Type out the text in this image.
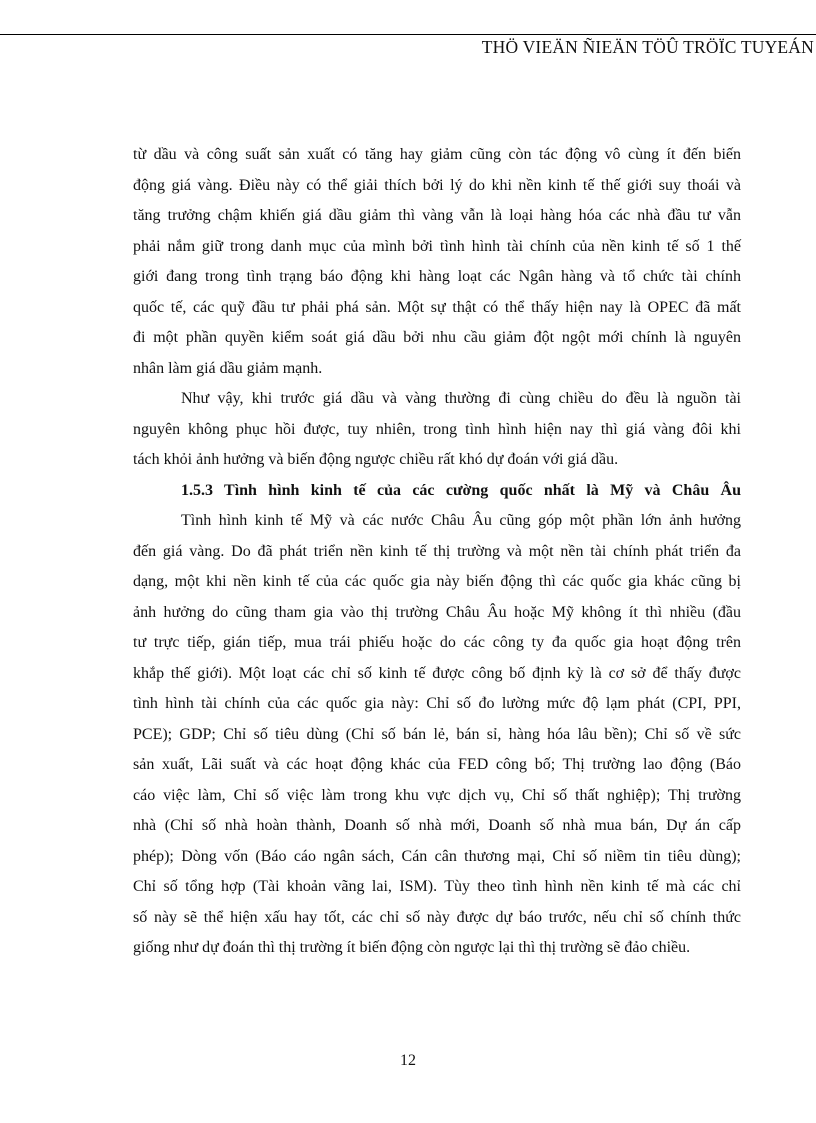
THÖ VIEÄN ÑIEÄN TÖÛ TRÖÏC TUYEÁN

từ dầu và công suất sản xuất có tăng hay giảm cũng còn tác động vô cùng ít đến biến

động giá vàng. Điều này có thể giải thích bởi lý do khi nền kinh tế thế giới suy thoái và

tăng trưởng chậm khiến giá dầu giảm thì vàng vẫn là loại hàng hóa các nhà đầu tư vẫn

phải nắm giữ trong danh mục của mình bởi tình hình tài chính của nền kinh tế số 1 thế

giới đang trong tình trạng báo động khi hàng loạt các Ngân hàng và tổ chức tài chính

quốc tế, các quỹ đầu tư phải phá sản. Một sự thật có thể thấy hiện nay là OPEC đã mất

đi một phần quyền kiểm soát giá dầu bởi nhu cầu giảm đột ngột mới chính là nguyên

nhân làm giá dầu giảm mạnh.

Như vậy, khi trước giá dầu và vàng thường đi cùng chiều do đều là nguồn tài

nguyên không phục hồi được, tuy nhiên, trong tình hình hiện nay thì giá vàng đôi khi

tách khỏi ảnh hưởng và biến động ngược chiều rất khó dự đoán với giá dầu.

1.5.3 Tình hình kinh tế của các cường quốc nhất là Mỹ và Châu Âu

Tình hình kinh tế Mỹ và các nước Châu Âu cũng góp một phần lớn ảnh hưởng

đến giá vàng. Do đã phát triển nền kinh tế thị trường và một nền tài chính phát triển đa

dạng, một khi nền kinh tế của các quốc gia này biến động thì các quốc gia khác cũng bị

ảnh hưởng do cũng tham gia vào thị trường Châu Âu hoặc Mỹ không ít thì nhiều (đầu

tư trực tiếp, gián tiếp, mua trái phiếu hoặc do các công ty đa quốc gia hoạt động trên

khắp thế giới). Một loạt các chỉ số kinh tế được công bố định kỳ là cơ sở để thấy được

tình hình tài chính của các quốc gia này: Chỉ số đo lường mức độ lạm phát (CPI, PPI,

PCE); GDP; Chỉ số tiêu dùng (Chỉ số bán lẻ, bán sỉ, hàng hóa lâu bền); Chỉ số về sức

sản xuất, Lãi suất và các hoạt động khác của FED công bố; Thị trường lao động (Báo

cáo việc làm, Chỉ số việc làm trong khu vực dịch vụ, Chỉ số thất nghiệp); Thị trường

nhà (Chỉ số nhà hoàn thành, Doanh số nhà mới, Doanh số nhà mua bán, Dự án cấp

phép); Dòng vốn (Báo cáo ngân sách, Cán cân thương mại, Chỉ số niềm tin tiêu dùng);

Chỉ số tổng hợp (Tài khoản vãng lai, ISM). Tùy theo tình hình nền kinh tế mà các chỉ

số này sẽ thể hiện xấu hay tốt, các chỉ số này được dự báo trước, nếu chỉ số chính thức

giống như dự đoán thì thị trường ít biến động còn ngược lại thì thị trường sẽ đảo chiều.

12
